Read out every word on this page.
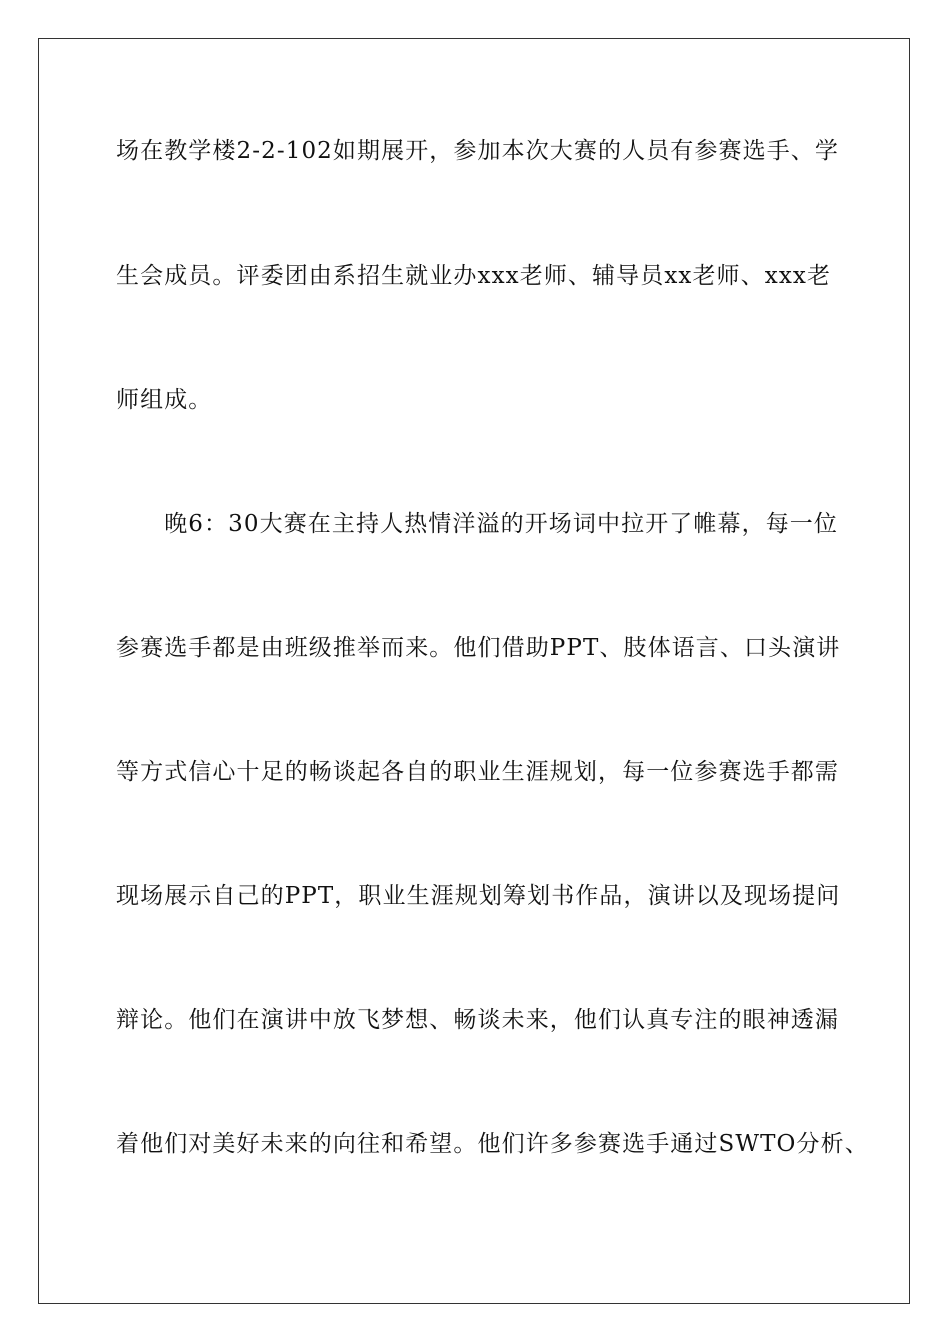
场在教学楼2-2-102如期展开，参加本次大赛的人员有参赛选手、学
生会成员。评委团由系招生就业办xxx老师、辅导员xx老师、xxx老
师组成。
　　晚6：30大赛在主持人热情洋溢的开场词中拉开了帷幕，每一位
参赛选手都是由班级推举而来。他们借助PPT、肢体语言、口头演讲
等方式信心十足的畅谈起各自的职业生涯规划，每一位参赛选手都需
现场展示自己的PPT，职业生涯规划筹划书作品，演讲以及现场提问
辩论。他们在演讲中放飞梦想、畅谈未来，他们认真专注的眼神透漏
着他们对美好未来的向往和希望。他们许多参赛选手通过SWTO分析、
